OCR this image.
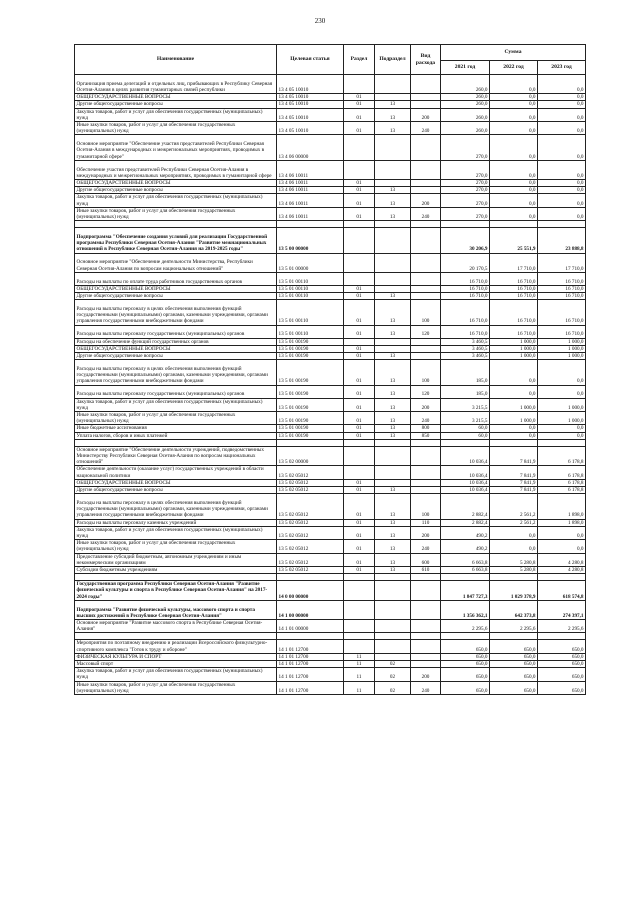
230
Наименование	Целевая статья	Раздел	Подраздел	Вид расхода	Сумма		
					2021 год	2022 год	2023 год
Организация приема делегаций и отдельных лиц, прибывающих в Республику Северная Осетия-Алания в целях развития гуманитарных связей республики	13 4 05 10010				260,0	0,0	0,0
ОБЩЕГОСУДАРСТВЕННЫЕ ВОПРОСЫ	13 4 05 10010	01			260,0	0,0	0,0
Другие общегосударственные вопросы	13 4 05 10010	01	13		260,0	0,0	0,0
Закупка товаров, работ и услуг для обеспечения государственных (муниципальных) нужд	13 4 05 10010	01	13	200	260,0	0,0	0,0
Иные закупки товаров, работ и услуг для обеспечения государственных (муниципальных) нужд	13 4 05 10010	01	13	240	260,0	0,0	0,0
Основное мероприятие "Обеспечение участия представителей Республики Северная Осетия-Алания в международных и межрегиональных мероприятиях, проводимых в гуманитарной сфере"	13 4 06 00000				270,0	0,0	0,0
Обеспечение участия представителей Республики Северная Осетия-Алания в международных и межрегиональных мероприятиях, проводимых в гуманитарной сфере	13 4 06 10011				270,0	0,0	0,0
ОБЩЕГОСУДАРСТВЕННЫЕ ВОПРОСЫ	13 4 06 10011	01			270,0	0,0	0,0
Другие общегосударственные вопросы	13 4 06 10011	01	13		270,0	0,0	0,0
Закупка товаров, работ и услуг для обеспечения государственных (муниципальных) нужд	13 4 06 10011	01	13	200	270,0	0,0	0,0
Иные закупки товаров, работ и услуг для обеспечения государственных (муниципальных) нужд	13 4 06 10011	01	13	240	270,0	0,0	0,0

Подпрограмма "Обеспечение создания условий для реализации Государственной программы Республики Северная Осетия-Алания "Развитие межнациональных отношений в Республике Северная Осетия-Алания на 2019-2025 годы"	13 5 00 00000				30 206,9	25 551,9	23 888,8
Основное мероприятие "Обеспечение деятельности Министерства, Республики Северная Осетия-Алания по вопросам национальных отношений"	13 5 01 00000				20 170,5	17 710,0	17 710,0
Расходы на выплаты по оплате труда работников государственных органов	13 5 01 00110				16 710,0	16 710,0	16 710,0
ОБЩЕГОСУДАРСТВЕННЫЕ ВОПРОСЫ	13 5 01 00110	01			16 710,0	16 710,0	16 710,0
Другие общегосударственные вопросы	13 5 01 00110	01	13		16 710,0	16 710,0	16 710,0
Расходы на выплаты персоналу в целях обеспечения выполнения функций государственными (муниципальными) органами, казенными учреждениями, органами управления государственными внебюджетными фондами	13 5 01 00110	01	13	100	16 710,0	16 710,0	16 710,0
Расходы на выплаты персоналу государственных (муниципальных) органов	13 5 01 00110	01	13	120	16 710,0	16 710,0	16 710,0
Расходы на обеспечение функций государственных органов	13 5 01 00190				3 460,5	1 000,0	1 000,0
ОБЩЕГОСУДАРСТВЕННЫЕ ВОПРОСЫ	13 5 01 00190	01			3 460,5	1 000,0	1 000,0
Другие общегосударственные вопросы	13 5 01 00190	01	13		3 460,5	1 000,0	1 000,0
Расходы на выплаты персоналу в целях обеспечения выполнения функций государственными (муниципальными) органами, казенными учреждениями, органами управления государственными внебюджетными фондами	13 5 01 00190	01	13	100	185,0	0,0	0,0
Расходы на выплаты персоналу государственных (муниципальных) органов	13 5 01 00190	01	13	120	185,0	0,0	0,0
Закупка товаров, работ и услуг для обеспечения государственных (муниципальных) нужд	13 5 01 00190	01	13	200	3 215,5	1 000,0	1 000,0
Иные закупки товаров, работ и услуг для обеспечения государственных (муниципальных) нужд	13 5 01 00190	01	13	240	3 215,5	1 000,0	1 000,0
Иные бюджетные ассигнования	13 5 01 00190	01	13	800	60,0	0,0	0,0
Уплата налогов, сборов и иных платежей	13 5 01 00190	01	13	850	60,0	0,0	0,0

Основное мероприятие "Обеспечение деятельности учреждений, подведомственных Министерству Республики Северная Осетия-Алания по вопросам национальных отношений"	13 5 02 00000				10 036,4	7 841,9	6 178,8
Обеспечение деятельности (оказание услуг) государственных учреждений в области национальной политики	13 5 02 05012				10 036,4	7 841,9	6 178,8
ОБЩЕГОСУДАРСТВЕННЫЕ ВОПРОСЫ	13 5 02 05012	01			10 036,4	7 841,9	6 178,8
Другие общегосударственные вопросы	13 5 02 05012	01	13		10 036,4	7 841,9	6 178,8
Расходы на выплаты персоналу в целях обеспечения выполнения функций государственными (муниципальными) органами, казенными учреждениями, органами управления государственными внебюджетными фондами	13 5 02 05012	01	13	100	2 882,4	2 561,2	1 898,0
Расходы на выплаты персоналу казенных учреждений	13 5 02 05012	01	13	110	2 882,4	2 561,2	1 898,0
Закупка товаров, работ и услуг для обеспечения государственных (муниципальных) нужд	13 5 02 05012	01	13	200	490,2	0,0	0,0
Иные закупки товаров, работ и услуг для обеспечения государственных (муниципальных) нужд	13 5 02 05012	01	13	240	490,2	0,0	0,0
Предоставление субсидий бюджетным, автономным учреждениям и иным некоммерческим организациям	13 5 02 05012	01	13	600	6 663,8	5 280,8	4 280,8
Субсидии бюджетным учреждениям	13 5 02 05012	01	13	610	6 663,8	5 280,8	4 280,8

Государственная программа Республики Северная Осетия-Алания "Развитие физической культуры и спорта в Республике Северная Осетия-Алания" на 2017-2024 годы"	14 0 00 00000				1 847 727,3	1 029 378,9	618 574,8
Подпрограмма "Развитие физической культуры, массового спорта и спорта высших достижений в Республике Северная Осетия-Алания"	14 1 00 00000				1 356 362,1	642 373,8	274 397,1
Основное мероприятие "Развитие массового спорта в Республике Северная Осетия-Алания"	14 1 01 00000				2 295,6	2 295,6	2 295,6

Мероприятия по поэтапному внедрению и реализации Всероссийского физкультурно-спортивного комплекса "Готов к труду и обороне"	14 1 01 12700				650,0	650,0	650,0
ФИЗИЧЕСКАЯ КУЛЬТУРА И СПОРТ	14 1 01 12700	11			650,0	650,0	650,0
Массовый спорт	14 1 01 12700	11	02		650,0	650,0	650,0
Закупка товаров, работ и услуг для обеспечения государственных (муниципальных) нужд	14 1 01 12700	11	02	200	650,0	650,0	650,0
Иные закупки товаров, работ и услуг для обеспечения государственных (муниципальных) нужд	14 1 01 12700	11	02	240	650,0	650,0	650,0
